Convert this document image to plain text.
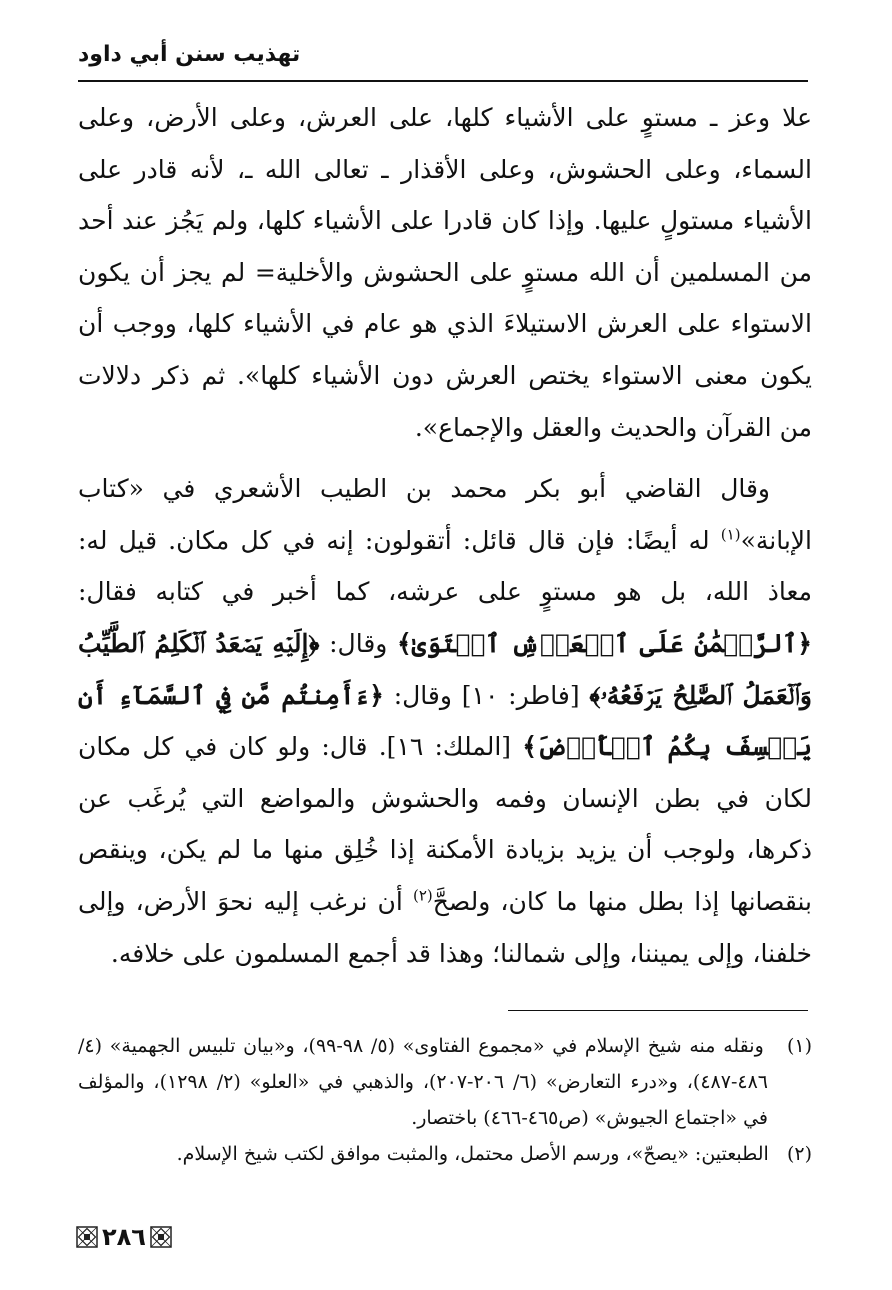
تهذيب سنن أبي داود

علا وعز ـ مستوٍ على الأشياء كلها، على العرش، وعلى الأرض، وعلى السماء، وعلى الحشوش، وعلى الأقذار ـ تعالى الله ـ، لأنه قادر على الأشياء مستولٍ عليها. وإذا كان قادرا على الأشياء كلها، ولم يَجُز عند أحد من المسلمين أن الله مستوٍ على الحشوش والأخلية= لم يجز أن يكون الاستواء على العرش الاستيلاءَ الذي هو عام في الأشياء كلها، ووجب أن يكون معنى الاستواء يختص العرش دون الأشياء كلها». ثم ذكر دلالات من القرآن والحديث والعقل والإجماع».

وقال القاضي أبو بكر محمد بن الطيب الأشعري في «كتاب الإبانة»$^{(١)}$ له أيضًا: فإن قال قائل: أتقولون: إنه في كل مكان. قيل له: معاذ الله، بل هو مستوٍ على عرشه، كما أخبر في كتابه فقال: ﴿ٱلرَّحۡمَٰنُ عَلَى ٱلۡعَرۡشِ ٱسۡتَوَىٰ﴾ وقال: ﴿إِلَيۡهِ يَصۡعَدُ ٱلۡكَلِمُ ٱلطَّيِّبُ وَٱلۡعَمَلُ ٱلصَّٰلِحُ يَرۡفَعُهُۥ﴾ [فاطر: ١٠] وقال: ﴿ءَأَمِنتُم مَّن فِي ٱلسَّمَآءِ أَن يَخۡسِفَ بِكُمُ ٱلۡأَرۡضَ﴾ [الملك: ١٦]. قال: ولو كان في كل مكان لكان في بطن الإنسان وفمه والحشوش والمواضع التي يُرغَب عن ذكرها، ولوجب أن يزيد بزيادة الأمكنة إذا خُلِق منها ما لم يكن، وينقص بنقصانها إذا بطل منها ما كان، ولصحَّ$^{(٢)}$ أن نرغب إليه نحوَ الأرض، وإلى خلفنا، وإلى يميننا، وإلى شمالنا؛ وهذا قد أجمع المسلمون على خلافه.

(١)   ونقله منه شيخ الإسلام في «مجموع الفتاوى» (٥/ ٩٨-٩٩)، و«بيان تلبيس الجهمية» (٤/ ٤٨٦-٤٨٧)، و«درء التعارض» (٦/ ٢٠٦-٢٠٧)، والذهبي في «العلو» (٢/ ١٢٩٨)، والمؤلف في «اجتماع الجيوش» (ص٤٦٥-٤٦٦) باختصار.

(٢)   الطبعتين: «يصحّ»، ورسم الأصل محتمل، والمثبت موافق لكتب شيخ الإسلام.

٢٨٦
